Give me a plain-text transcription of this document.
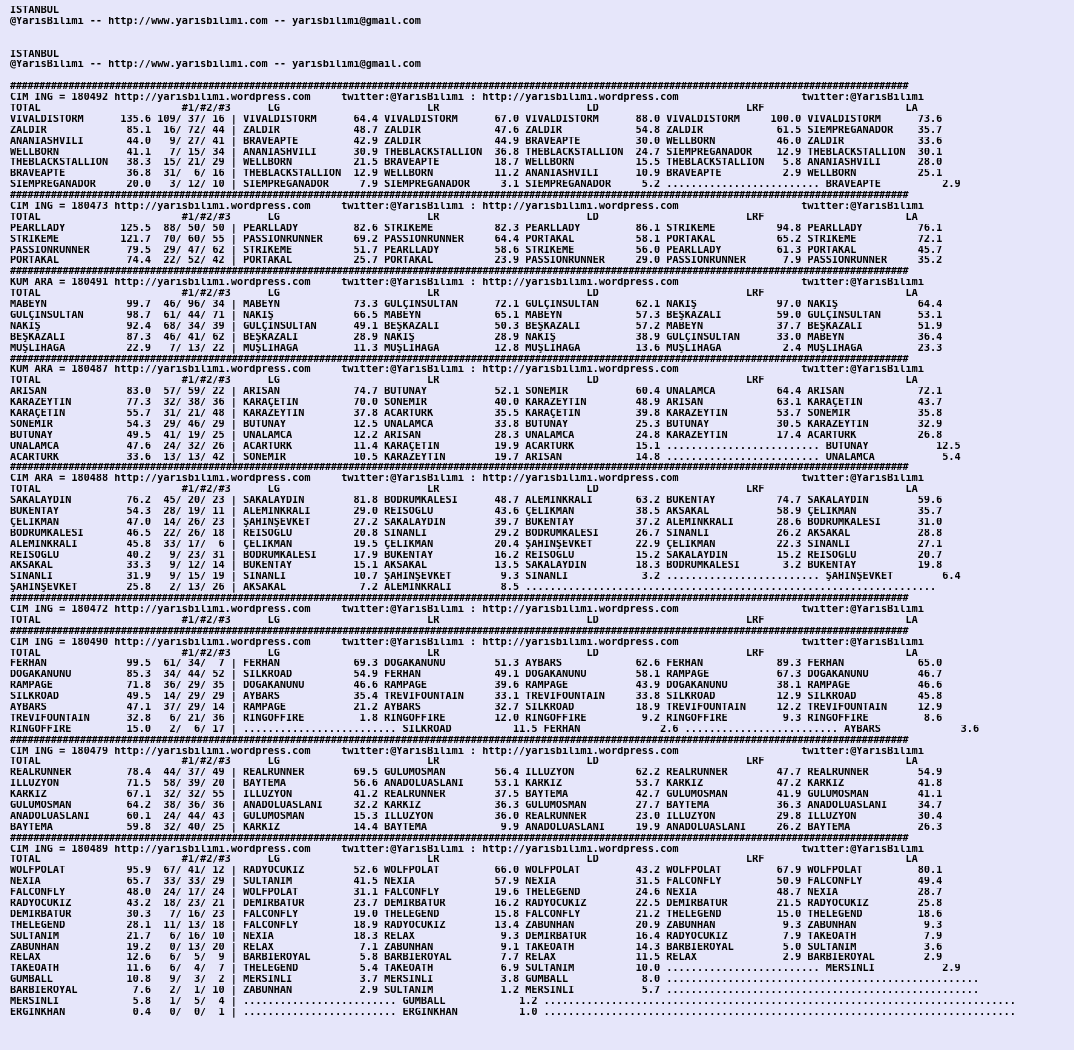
ISTANBUL
@YarisBilimi -- http://www.yarisbilimi.com -- yarisbilimi@gmail.com

ISTANBUL
@YarisBilimi -- http://www.yarisbilimi.com -- yarisbilimi@gmail.com

##########################################################################################################################################################
CIM ING = 180492 http://yarisbilimi.wordpress.com     twitter:@YarisBilimi : http://yarisbilimi.wordpress.com                    twitter:@YarisBilimi
TOTAL                       #1/#2/#3      LG                        LR                        LD                        LRF                       LA
VIVALDISTORM      135.6 109/ 37/ 16 | VIVALDISTORM      64.4 VIVALDISTORM      67.0 VIVALDISTORM      88.0 VIVALDISTORM     100.0 VIVALDISTORM      73.6
ZALDIR             85.1  16/ 72/ 44 | ZALDIR            48.7 ZALDIR            47.6 ZALDIR            54.8 ZALDIR            61.5 SIEMPREGANADOR    35.7
ANANIASHVILI       44.0   9/ 27/ 41 | BRAVEAPTE         42.9 ZALDIR            44.9 BRAVEAPTE         30.0 WELLBORN          46.0 ZALDIR            33.6
WELLBORN           41.1   7/ 15/ 34 | ANANIASHVILI      30.9 THEBLACKSTALLION  36.8 THEBLACKSTALLION  24.7 SIEMPREGANADOR    12.9 THEBLACKSTALLION  30.1
THEBLACKSTALLION   38.3  15/ 21/ 29 | WELLBORN          21.5 BRAVEAPTE         18.7 WELLBORN          15.5 THEBLACKSTALLION   5.8 ANANIASHVILI      28.0
BRAVEAPTE          36.8  31/  6/ 16 | THEBLACKSTALLION  12.9 WELLBORN          11.2 ANANIASHVILI      10.9 BRAVEAPTE          2.9 WELLBORN          25.1
SIEMPREGANADOR     20.0   3/ 12/ 10 | SIEMPREGANADOR     7.9 SIEMPREGANADOR     3.1 SIEMPREGANADOR     5.2 ......................... BRAVEAPTE          2.9
##########################################################################################################################################################
CIM ING = 180473 http://yarisbilimi.wordpress.com     twitter:@YarisBilimi : http://yarisbilimi.wordpress.com                    twitter:@YarisBilimi
TOTAL                       #1/#2/#3      LG                        LR                        LD                        LRF                       LA
PEARLLADY         125.5  88/ 50/ 50 | PEARLLADY         82.6 STRIKEME          82.3 PEARLLADY         86.1 STRIKEME          94.8 PEARLLADY         76.1
STRIKEME          121.7  70/ 60/ 55 | PASSIONRUNNER     69.2 PASSIONRUNNER     64.4 PORTAKAL          58.1 PORTAKAL          65.2 STRIKEME          72.1
PASSIONRUNNER      79.5  29/ 47/ 62 | STRIKEME          51.7 PEARLLADY         58.6 STRIKEME          56.0 PEARLLADY         61.3 PORTAKAL          45.7
PORTAKAL           74.4  22/ 52/ 42 | PORTAKAL          25.7 PORTAKAL          23.9 PASSIONRUNNER     29.0 PASSIONRUNNER      7.9 PASSIONRUNNER     35.2
##########################################################################################################################################################
KUM ARA = 180491 http://yarisbilimi.wordpress.com     twitter:@YarisBilimi : http://yarisbilimi.wordpress.com                    twitter:@YarisBilimi
TOTAL                       #1/#2/#3      LG                        LR                        LD                        LRF                       LA
MABEYN             99.7  46/ 96/ 34 | MABEYN            73.3 GULÇİNSULTAN      72.1 GULÇİNSULTAN      62.1 NAKİŞ             97.0 NAKİŞ             64.4
GULÇİNSULTAN       98.7  61/ 44/ 71 | NAKİŞ             66.5 MABEYN            65.1 MABEYN            57.3 BEŞKAZALI         59.0 GULÇİNSULTAN      53.1
NAKİŞ              92.4  68/ 34/ 39 | GULÇİNSULTAN      49.1 BEŞKAZALI         50.3 BEŞKAZALI         57.2 MABEYN            37.7 BEŞKAZALI         51.9
BEŞKAZALI          87.3  46/ 41/ 62 | BEŞKAZALI         28.9 NAKİŞ             28.9 NAKİŞ             38.9 GULÇİNSULTAN      33.0 MABEYN            36.4
MUŞLIHAĞA          22.9   7/ 13/ 22 | MUŞLIHAĞA         11.3 MUŞLIHAĞA         12.8 MUŞLIHAĞA         13.6 MUŞLIHAĞA          2.4 MUŞLIHAĞA         23.3
##########################################################################################################################################################
KUM ARA = 180487 http://yarisbilimi.wordpress.com     twitter:@YarisBilimi : http://yarisbilimi.wordpress.com                    twitter:@YarisBilimi
TOTAL                       #1/#2/#3      LG                        LR                        LD                        LRF                       LA
ARISAN             83.0  57/ 59/ 22 | ARISAN            74.7 BUTUNAY           52.1 SONEMİR           60.4 UNALAMCA          64.4 ARISAN            72.1
KARAZEYTİN         77.3  32/ 38/ 36 | KARAÇETİN         70.0 SONEMİR           40.0 KARAZEYTİN        48.9 ARISAN            63.1 KARAÇETİN         43.7
KARAÇETİN          55.7  31/ 21/ 48 | KARAZEYTİN        37.8 ACARTURK          35.5 KARAÇETİN         39.8 KARAZEYTİN        53.7 SONEMİR           35.8
SONEMİR            54.3  29/ 46/ 29 | BUTUNAY           12.5 UNALAMCA          33.8 BUTUNAY           25.3 BUTUNAY           30.5 KARAZEYTİN        32.9
BUTUNAY            49.5  41/ 19/ 25 | UNALAMCA          12.2 ARISAN            28.3 UNALAMCA          24.8 KARAZEYTİN        17.4 ACARTURK          26.8
UNALAMCA           47.6  24/ 32/ 26 | ACARTURK          11.4 KARAÇETİN         19.9 ACARTURK          15.1 ......................... BUTUNAY           12.5
ACARTURK           33.6  13/ 13/ 42 | SONEMİR           10.5 KARAZEYTİN        19.7 ARISAN            14.8 ......................... UNALAMCA           5.4
##########################################################################################################################################################
CIM ARA = 180488 http://yarisbilimi.wordpress.com     twitter:@YarisBilimi : http://yarisbilimi.wordpress.com                    twitter:@YarisBilimi
TOTAL                       #1/#2/#3      LG                        LR                        LD                        LRF                       LA
SAKALAYDIN         76.2  45/ 20/ 23 | SAKALAYDIN        81.8 BODRUMKALESİ      48.7 ALEMİNKRALI       63.2 BUKENTAY          74.7 SAKALAYDIN        59.6
BUKENTAY           54.3  28/ 19/ 11 | ALEMİNKRALI       29.0 REİSOĞLU          43.6 ÇELİKMAN          38.5 AKSAKAL           58.9 ÇELİKMAN          35.7
ÇELİKMAN           47.0  14/ 26/ 23 | ŞAHİNŞEVKET       27.2 SAKALAYDIN        39.7 BUKENTAY          37.2 ALEMİNKRALI       28.6 BODRUMKALESİ      31.0
BODRUMKALESİ       46.5  22/ 26/ 18 | REİSOĞLU          20.8 SİNANLI           29.2 BODRUMKALESİ      26.7 SİNANLI           26.2 AKSAKAL           28.8
ALEMİNKRALI        45.8  33/ 17/  6 | ÇELİKMAN          19.5 ÇELİKMAN          20.4 ŞAHİNŞEVKET       22.9 ÇELİKMAN          22.3 SİNANLI           27.1
REİSOĞLU           40.2   9/ 23/ 31 | BODRUMKALESİ      17.9 BUKENTAY          16.2 REİSOĞLU          15.2 SAKALAYDIN        15.2 REİSOĞLU          20.7
AKSAKAL            33.3   9/ 12/ 14 | BUKENTAY          15.1 AKSAKAL           13.5 SAKALAYDIN        18.3 BODRUMKALESİ       3.2 BUKENTAY          19.8
SİNANLI            31.9   9/ 15/ 19 | SİNANLI           10.7 ŞAHİNŞEVKET        9.3 SİNANLI            3.2 ......................... ŞAHİNŞEVKET        6.4
ŞAHİNŞEVKET        25.8   2/ 13/ 26 | AKSAKAL            7.2 ALEMİNKRALI        8.5 ...................................................................
##########################################################################################################################################################
CIM ING = 180472 http://yarisbilimi.wordpress.com     twitter:@YarisBilimi : http://yarisbilimi.wordpress.com                    twitter:@YarisBilimi
TOTAL                       #1/#2/#3      LG                        LR                        LD                        LRF                       LA
##########################################################################################################################################################
CIM ING = 180490 http://yarisbilimi.wordpress.com     twitter:@YarisBilimi : http://yarisbilimi.wordpress.com                    twitter:@YarisBilimi
TOTAL                       #1/#2/#3      LG                        LR                        LD                        LRF                       LA
FERHAN             99.5  61/ 34/  7 | FERHAN            69.3 DOGAKANUNU        51.3 AYBARS            62.6 FERHAN            89.3 FERHAN            65.0
DOGAKANUNU         85.3  34/ 44/ 52 | SILKROAD          54.9 FERHAN            49.1 DOGAKANUNU        58.1 RAMPAGE           67.3 DOGAKANUNU        46.7
RAMPAGE            71.8  36/ 29/ 35 | DOGAKANUNU        46.6 RAMPAGE           39.6 RAMPAGE           43.9 DOGAKANUNU        38.1 RAMPAGE           46.6
SILKROAD           49.5  14/ 29/ 29 | AYBARS            35.4 TREVIFOUNTAIN     33.1 TREVIFOUNTAIN     33.8 SILKROAD          12.9 SILKROAD          45.8
AYBARS             47.1  37/ 29/ 14 | RAMPAGE           21.2 AYBARS            32.7 SILKROAD          18.9 TREVIFOUNTAIN     12.2 TREVIFOUNTAIN     12.9
TREVIFOUNTAIN      32.8   6/ 21/ 36 | RINGOFFIRE         1.8 RINGOFFIRE        12.0 RINGOFFIRE         9.2 RINGOFFIRE         9.3 RINGOFFIRE         8.6
RINGOFFIRE         15.0   2/  6/ 17 | ......................... SILKROAD          11.5 FERHAN             2.6 ......................... AYBARS             3.6
##########################################################################################################################################################
CIM ING = 180479 http://yarisbilimi.wordpress.com     twitter:@YarisBilimi : http://yarisbilimi.wordpress.com                    twitter:@YarisBilimi
TOTAL                       #1/#2/#3      LG                        LR                        LD                        LRF                       LA
REALRUNNER         78.4  44/ 37/ 49 | REALRUNNER        69.5 GULÜMOSMAN        56.4 İLLÜZYON          62.2 REALRUNNER        47.7 REALRUNNER        54.9
İLLÜZYON           71.5  58/ 39/ 20 | BAYTEMA           56.6 ANADOLUASLANI     53.1 KARKIZ            53.7 KARKIZ            47.2 KARKIZ            41.8
KARKIZ             67.1  32/ 32/ 55 | İLLÜZYON          41.2 REALRUNNER        37.5 BAYTEMA           42.7 GULÜMOSMAN        41.9 GULÜMOSMAN        41.1
GULÜMOSMAN         64.2  38/ 36/ 36 | ANADOLUASLANI     32.2 KARKIZ            36.3 GULÜMOSMAN        27.7 BAYTEMA           36.3 ANADOLUASLANI     34.7
ANADOLUASLANI      60.1  24/ 44/ 43 | GULÜMOSMAN        15.3 İLLÜZYON          36.0 REALRUNNER        23.0 İLLÜZYON          29.8 İLLÜZYON          30.4
BAYTEMA            59.8  32/ 40/ 25 | KARKIZ            14.4 BAYTEMA            9.9 ANADOLUASLANI     19.9 ANADOLUASLANI     26.2 BAYTEMA           26.3
##########################################################################################################################################################
CIM ING = 180489 http://yarisbilimi.wordpress.com     twitter:@YarisBilimi : http://yarisbilimi.wordpress.com                    twitter:@YarisBilimi
TOTAL                       #1/#2/#3      LG                        LR                        LD                        LRF                       LA
WOLFPOLAT          95.9  67/ 41/ 12 | RADYOCUKIZ        52.6 WOLFPOLAT         66.0 WOLFPOLAT         43.2 WOLFPOLAT         67.9 WOLFPOLAT         80.1
NEXIA              65.7  33/ 33/ 29 | SULTANIM          41.5 NEXIA             57.9 NEXIA             31.5 FALCONFLY         50.9 FALCONFLY         49.4
FALCONFLY          48.0  24/ 17/ 24 | WOLFPOLAT         31.1 FALCONFLY         19.6 THELEGEND         24.6 NEXIA             48.7 NEXIA             28.7
RADYOCUKIZ         43.2  18/ 23/ 21 | DEMIRBATUR        23.7 DEMIRBATUR        16.2 RADYOCUKIZ        22.5 DEMIRBATUR        21.5 RADYOCUKIZ        25.8
DEMIRBATUR         30.3   7/ 16/ 23 | FALCONFLY         19.0 THELEGEND         15.8 FALCONFLY         21.2 THELEGEND         15.0 THELEGEND         18.6
THELEGEND          28.1  11/ 13/ 18 | FALCONFLY         18.9 RADYOCUKIZ        13.4 ZABUNHAN          20.9 ZABUNHAN           9.3 ZABUNHAN           9.3
SULTANIM           21.7   6/ 16/ 10 | NEXIA             18.3 RELAX              9.3 DEMIRBATUR        16.4 RADYOCUKIZ         7.9 TAKEOATH           7.9
ZABUNHAN           19.2   0/ 13/ 20 | RELAX              7.1 ZABUNHAN           9.1 TAKEOATH          14.3 BARBIEROYAL        5.0 SULTANIM           3.6
RELAX              12.6   6/  5/  9 | BARBIEROYAL        5.8 BARBIEROYAL        7.7 RELAX             11.5 RELAX              2.9 BARBIEROYAL        2.9
TAKEOATH           11.6   6/  4/  7 | THELEGEND          5.4 TAKEOATH           6.9 SULTANIM          10.0 ......................... MERSİNLİ           2.9
GUMBALL            10.8   9/  3/  2 | MERSİNLİ           3.7 MERSİNLİ           3.8 GUMBALL            8.0 ...................................................
BARBIEROYAL         7.6   2/  1/ 10 | ZABUNHAN           2.9 SULTANIM           1.2 MERSİNLİ           5.7 ...................................................
MERSİNLİ            5.8   1/  5/  4 | ......................... GUMBALL            1.2 .............................................................................
ERGİNKHAN           0.4   0/  0/  1 | ......................... ERGİNKHAN          1.0 .............................................................................
